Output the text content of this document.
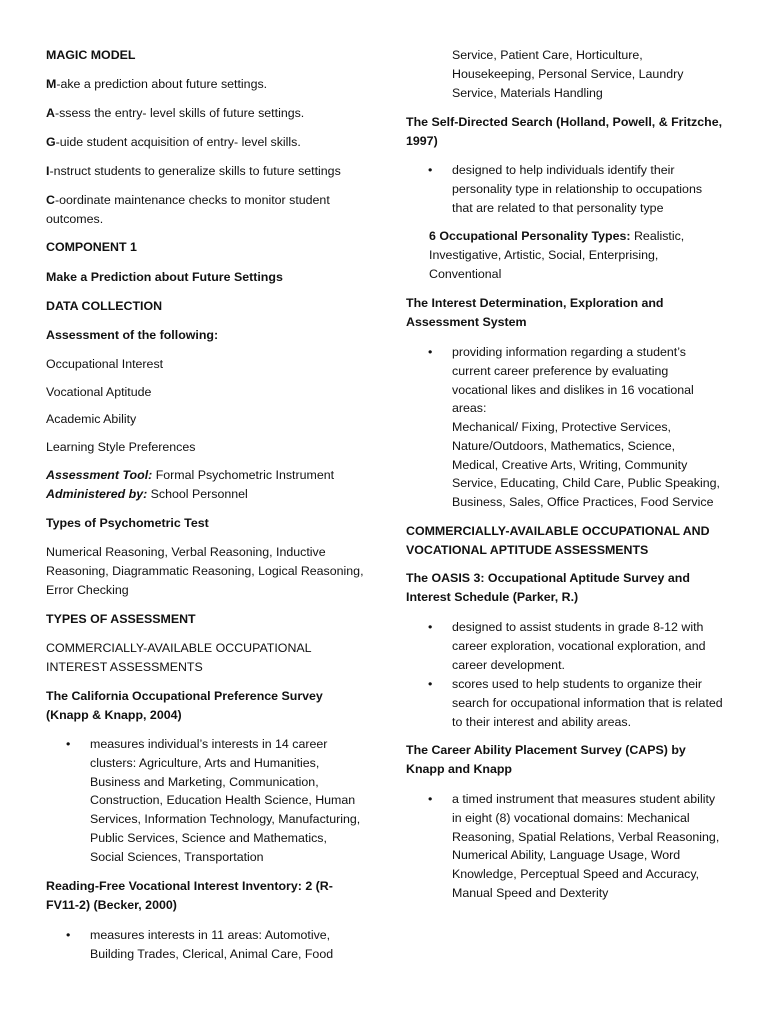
MAGIC MODEL

M-ake a prediction about future settings.

A-ssess the entry- level skills of future settings.

G-uide student acquisition of entry- level skills.

I-nstruct students to generalize skills to future settings

C-oordinate maintenance checks to monitor student outcomes.

COMPONENT 1

Make a Prediction about Future Settings

DATA COLLECTION

Assessment of the following:

Occupational Interest

Vocational Aptitude

Academic Ability

Learning Style Preferences

Assessment Tool: Formal Psychometric Instrument

Administered by: School Personnel

Types of Psychometric Test

Numerical Reasoning, Verbal Reasoning, Inductive Reasoning, Diagrammatic Reasoning, Logical Reasoning, Error Checking

TYPES OF ASSESSMENT

COMMERCIALLY-AVAILABLE OCCUPATIONAL INTEREST ASSESSMENTS

The California Occupational Preference Survey (Knapp & Knapp, 2004)

• measures individual’s interests in 14 career clusters: Agriculture, Arts and Humanities, Business and Marketing, Communication, Construction, Education Health Science, Human Services, Information Technology, Manufacturing, Public Services, Science and Mathematics, Social Sciences, Transportation

Reading-Free Vocational Interest Inventory: 2 (R-FV11-2) (Becker, 2000)

• measures interests in 11 areas: Automotive, Building Trades, Clerical, Animal Care, Food

Service, Patient Care, Horticulture, Housekeeping, Personal Service, Laundry Service, Materials Handling

The Self-Directed Search (Holland, Powell, & Fritzche, 1997)

• designed to help individuals identify their personality type in relationship to occupations that are related to that personality type

6 Occupational Personality Types: Realistic, Investigative, Artistic, Social, Enterprising, Conventional

The Interest Determination, Exploration and Assessment System

• providing information regarding a student’s current career preference by evaluating vocational likes and dislikes in 16 vocational areas:

Mechanical/ Fixing, Protective Services, Nature/Outdoors, Mathematics, Science, Medical, Creative Arts, Writing, Community Service, Educating, Child Care, Public Speaking, Business, Sales, Office Practices, Food Service

COMMERCIALLY-AVAILABLE OCCUPATIONAL AND VOCATIONAL APTITUDE ASSESSMENTS

The OASIS 3: Occupational Aptitude Survey and Interest Schedule (Parker, R.)

• designed to assist students in grade 8-12 with career exploration, vocational exploration, and career development.

• scores used to help students to organize their search for occupational information that is related to their interest and ability areas.

The Career Ability Placement Survey (CAPS) by Knapp and Knapp

• a timed instrument that measures student ability in eight (8) vocational domains: Mechanical Reasoning, Spatial Relations, Verbal Reasoning, Numerical Ability, Language Usage, Word Knowledge, Perceptual Speed and Accuracy, Manual Speed and Dexterity
